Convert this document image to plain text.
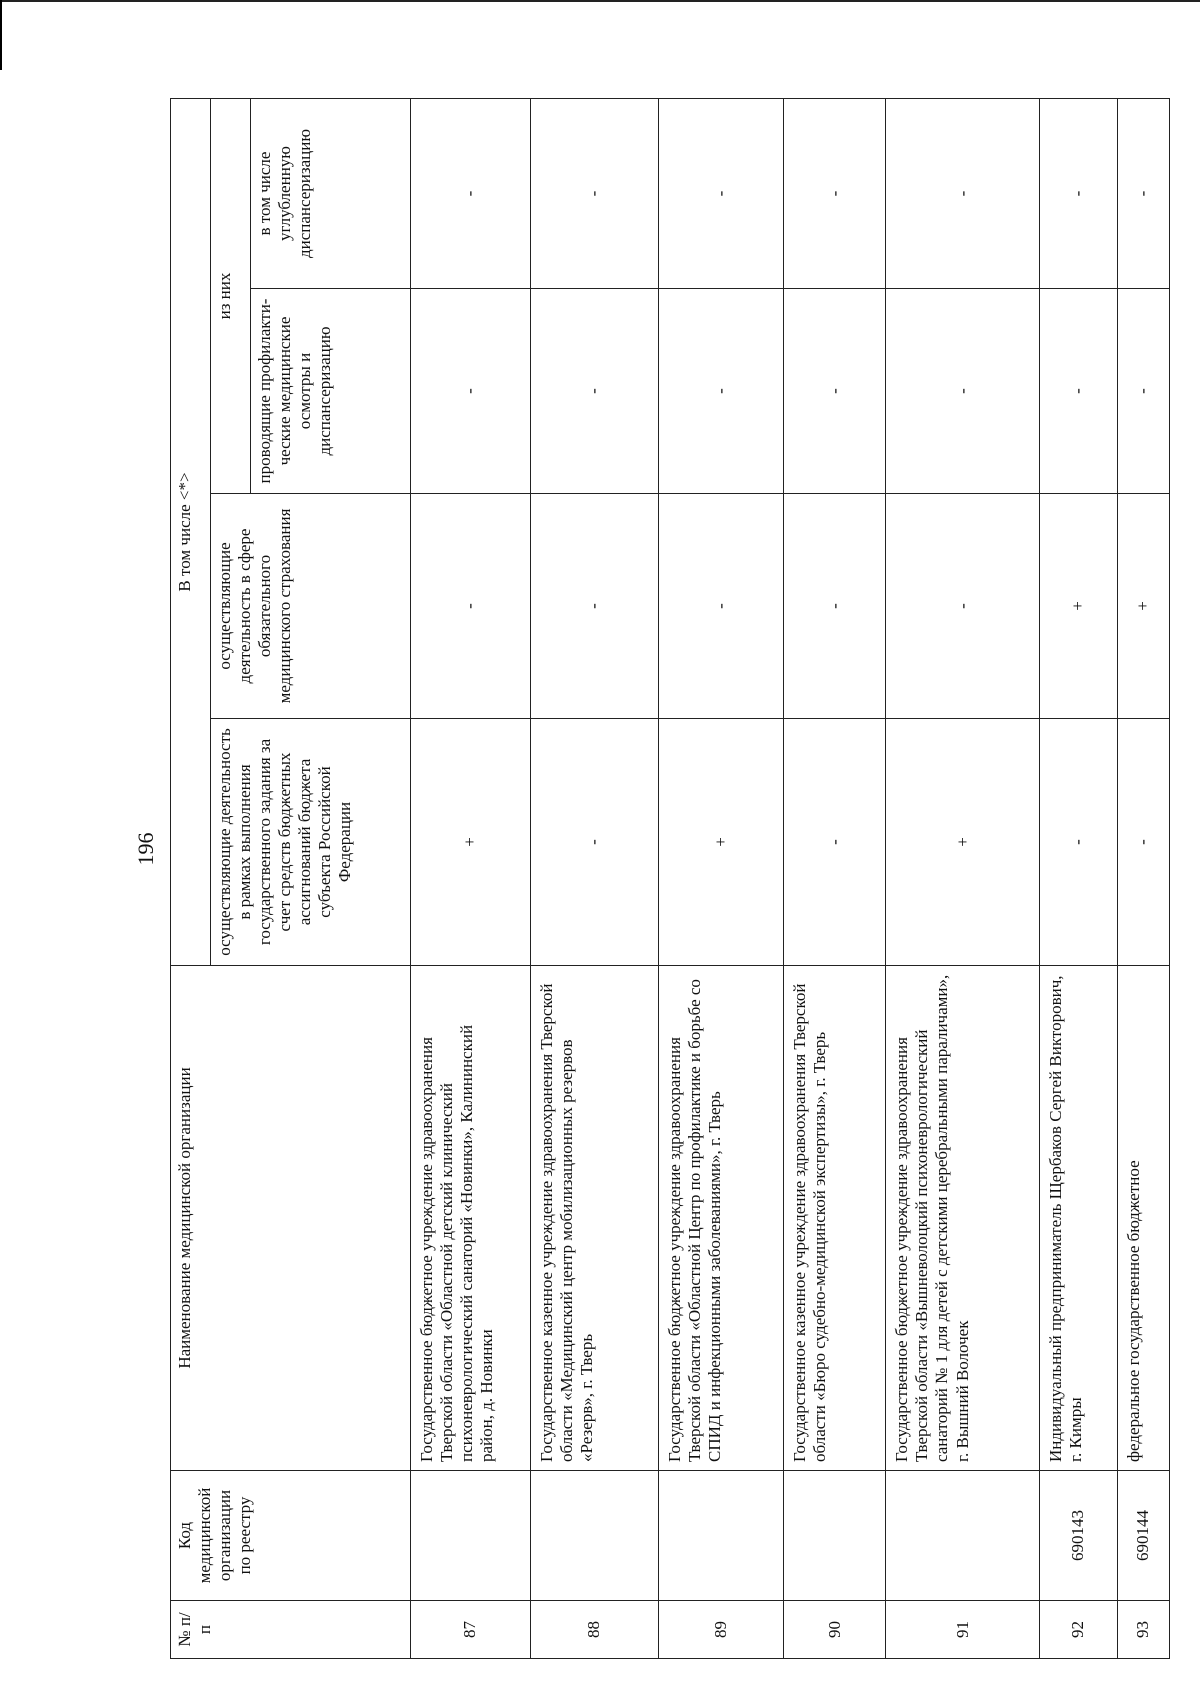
196
№ п/п	Код медицинской организации по реестру	Наименование медицинской организации	В том числе <*>			
			осуществляющие деятельность в рамках выполнения государственного задания за счет средств бюджетных ассигнований бюджета субъекта Российской Федерации	осуществляющие деятельность в сфере обязательного медицинского страхования	из них	
					проводящие профилакти-ческие медицинские осмотры и диспансеризацию	в том числе углубленную диспансеризацию
87		Государственное бюджетное учреждение здравоохранения Тверской области «Областной детский клинический психоневрологический санаторий «Новинки», Калининский район, д. Новинки	+	-	-	-
88		Государственное казенное учреждение здравоохранения Тверской области «Медицинский центр мобилизационных резервов «Резерв», г. Тверь	-	-	-	-
89		Государственное бюджетное учреждение здравоохранения Тверской области «Областной Центр по профилактике и борьбе со СПИД и инфекционными заболеваниями», г. Тверь	+	-	-	-
90		Государственное казенное учреждение здравоохранения Тверской области «Бюро судебно-медицинской экспертизы», г. Тверь	-	-	-	-
91		Государственное бюджетное учреждение здравоохранения Тверской области «Вышневолоцкий психоневрологический санаторий № 1 для детей с детскими церебральными параличами», г. Вышний Волочек	+	-	-	-
92	690143	Индивидуальный предприниматель Щербаков Сергей Викторович, г. Кимры	-	+	-	-
93	690144	федеральное государственное бюджетное	-	+	-	-
